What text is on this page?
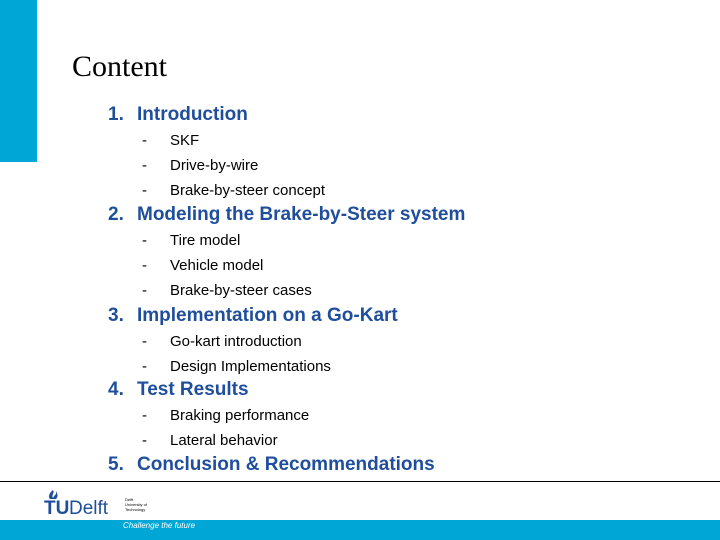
Content
1. Introduction
- SKF
- Drive-by-wire
- Brake-by-steer concept
2. Modeling the Brake-by-Steer system
- Tire model
- Vehicle model
- Brake-by-steer cases
3. Implementation on a Go-Kart
- Go-kart introduction
- Design Implementations
4. Test Results
- Braking performance
- Lateral behavior
5. Conclusion & Recommendations
TU Delft	Delft
University of
Technology
Challenge the future
